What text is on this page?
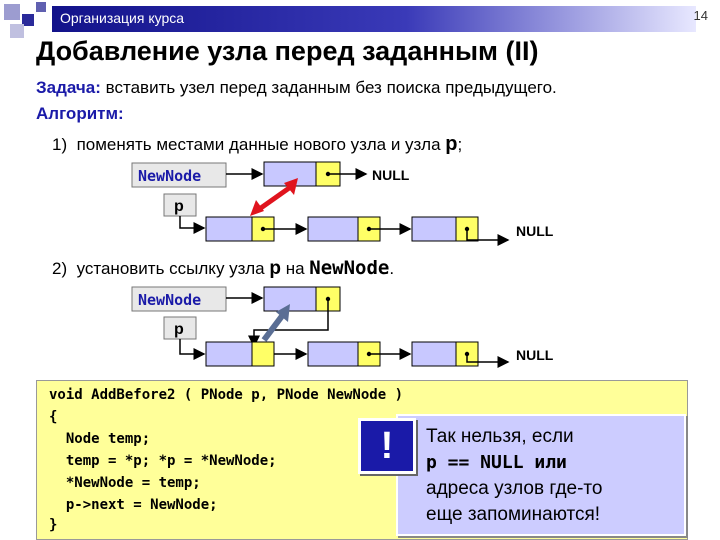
Организация курса	14
Добавление узла перед заданным (II)
Задача: вставить узел перед заданным без поиска предыдущего.
Алгоритм:
1) поменять местами данные нового узла и узла p;
2) установить ссылку узла p на NewNode.
NewNode
p
NULL
NULL
NewNode
p
NULL
void AddBefore2 ( PNode p, PNode NewNode )
{
Node temp;
temp = *p; *p = *NewNode;
*NewNode = temp;
p->next = NewNode;
}
Так нельзя, если
p == NULL или
адреса узлов где-то
еще запоминаются!
!
